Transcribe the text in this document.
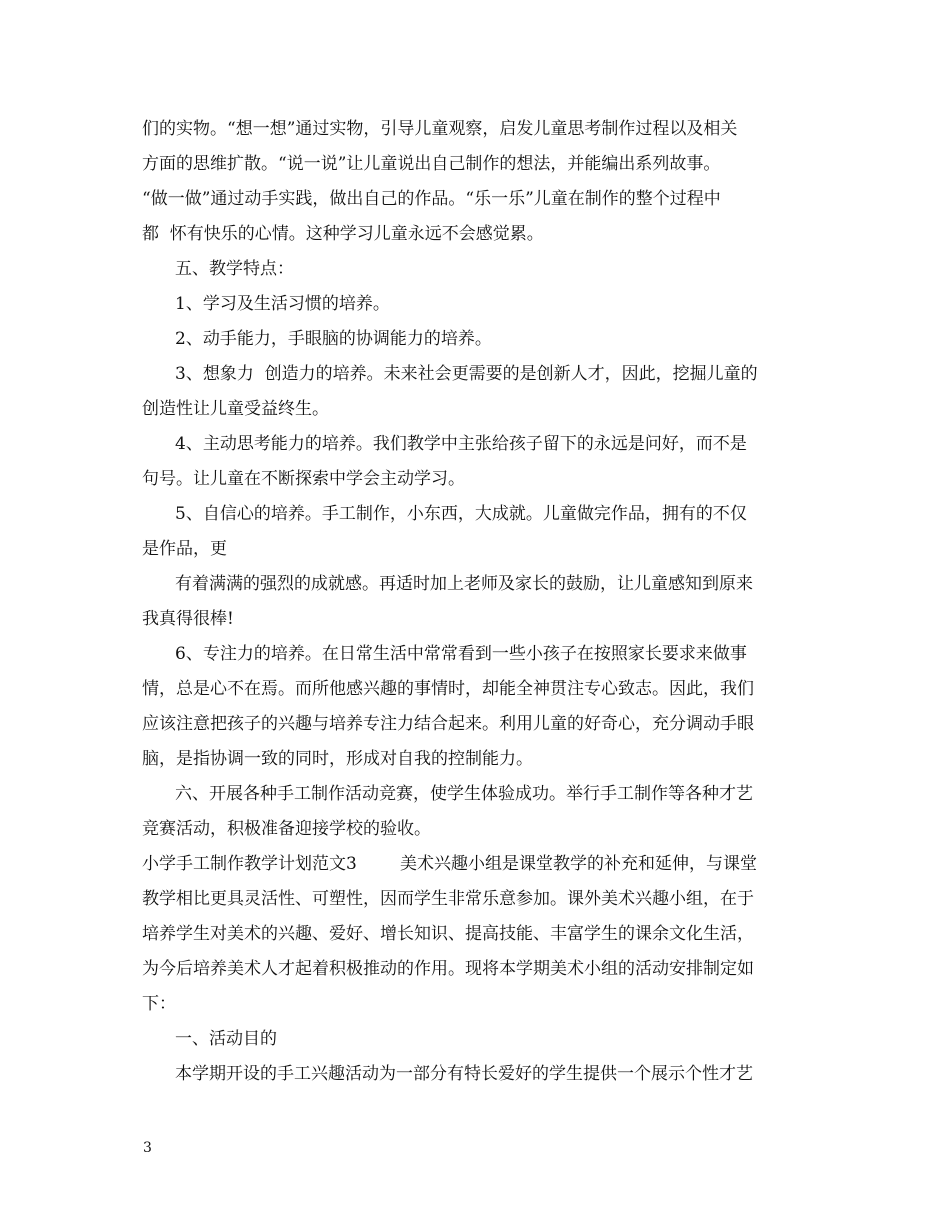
们的实物。“想一想”通过实物，引导儿童观察，启发儿童思考制作过程以及相关
方面的思维扩散。“说一说”让儿童说出自己制作的想法，并能编出系列故事。
“做一做”通过动手实践，做出自己的作品。“乐一乐”儿童在制作的整个过程中
都  怀有快乐的心情。这种学习儿童永远不会感觉累。
五、教学特点：
1、学习及生活习惯的培养。
2、动手能力，手眼脑的协调能力的培养。
3、想象力  创造力的培养。未来社会更需要的是创新人才，因此，挖掘儿童的
创造性让儿童受益终生。
4、主动思考能力的培养。我们教学中主张给孩子留下的永远是问好，而不是
句号。让儿童在不断探索中学会主动学习。
5、自信心的培养。手工制作，小东西，大成就。儿童做完作品，拥有的不仅
是作品，更
有着满满的强烈的成就感。再适时加上老师及家长的鼓励，让儿童感知到原来
我真得很棒!
6、专注力的培养。在日常生活中常常看到一些小孩子在按照家长要求来做事
情，总是心不在焉。而所他感兴趣的事情时，却能全神贯注专心致志。因此，我们
应该注意把孩子的兴趣与培养专注力结合起来。利用儿童的好奇心，充分调动手眼
脑，是指协调一致的同时，形成对自我的控制能力。
六、开展各种手工制作活动竞赛，使学生体验成功。举行手工制作等各种才艺
竞赛活动，积极准备迎接学校的验收。
小学手工制作教学计划范文3        美术兴趣小组是课堂教学的补充和延伸，与课堂
教学相比更具灵活性、可塑性，因而学生非常乐意参加。课外美术兴趣小组，在于
培养学生对美术的兴趣、爱好、增长知识、提高技能、丰富学生的课余文化生活，
为今后培养美术人才起着积极推动的作用。现将本学期美术小组的活动安排制定如
下：
一、活动目的
本学期开设的手工兴趣活动为一部分有特长爱好的学生提供一个展示个性才艺
3
